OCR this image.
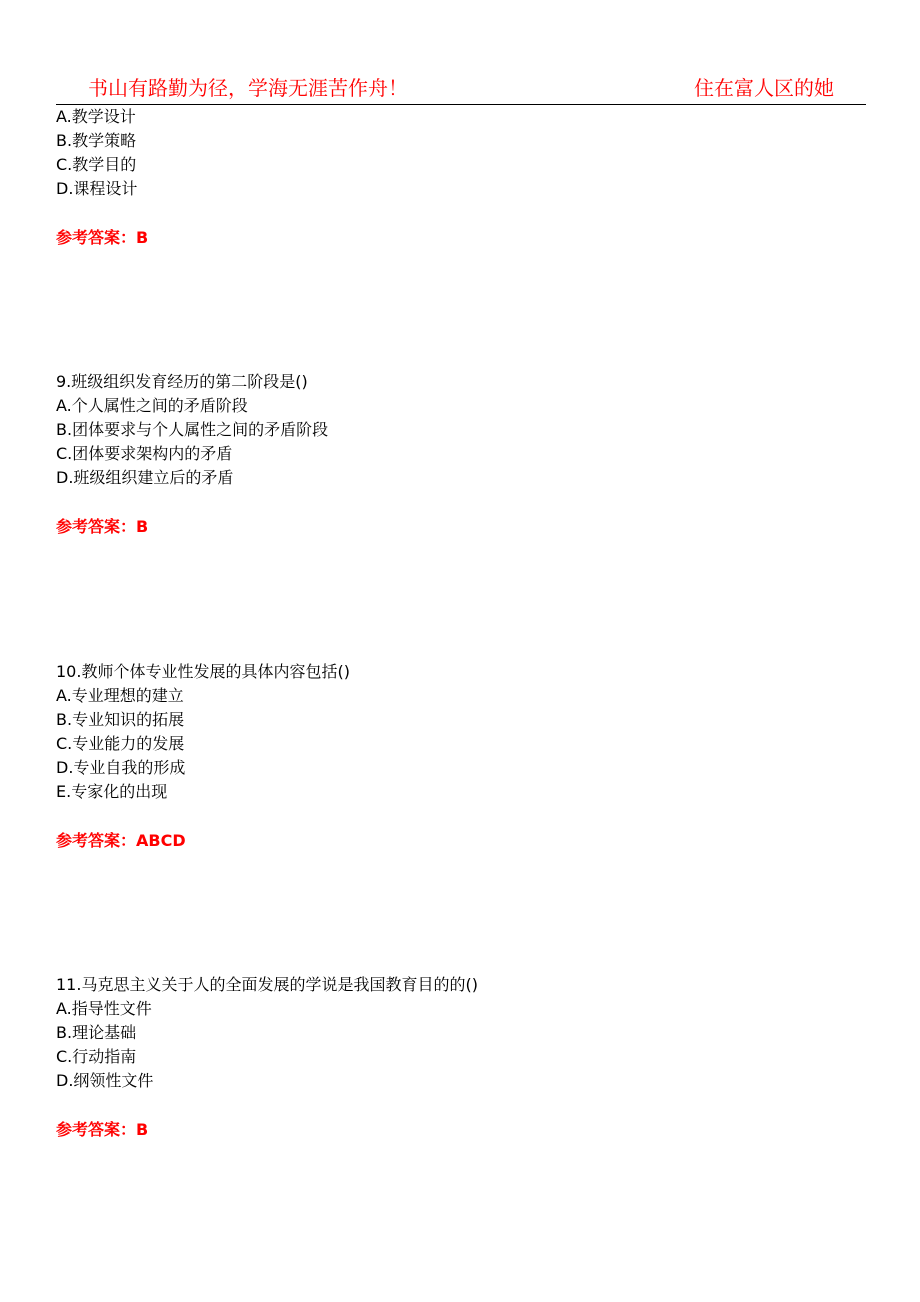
书山有路勤为径，学海无涯苦作舟！	住在富人区的她
A.教学设计
B.教学策略
C.教学目的
D.课程设计
参考答案：B
9.班级组织发育经历的第二阶段是()
A.个人属性之间的矛盾阶段
B.团体要求与个人属性之间的矛盾阶段
C.团体要求架构内的矛盾
D.班级组织建立后的矛盾
参考答案：B
10.教师个体专业性发展的具体内容包括()
A.专业理想的建立
B.专业知识的拓展
C.专业能力的发展
D.专业自我的形成
E.专家化的出现
参考答案：ABCD
11.马克思主义关于人的全面发展的学说是我国教育目的的()
A.指导性文件
B.理论基础
C.行动指南
D.纲领性文件
参考答案：B
